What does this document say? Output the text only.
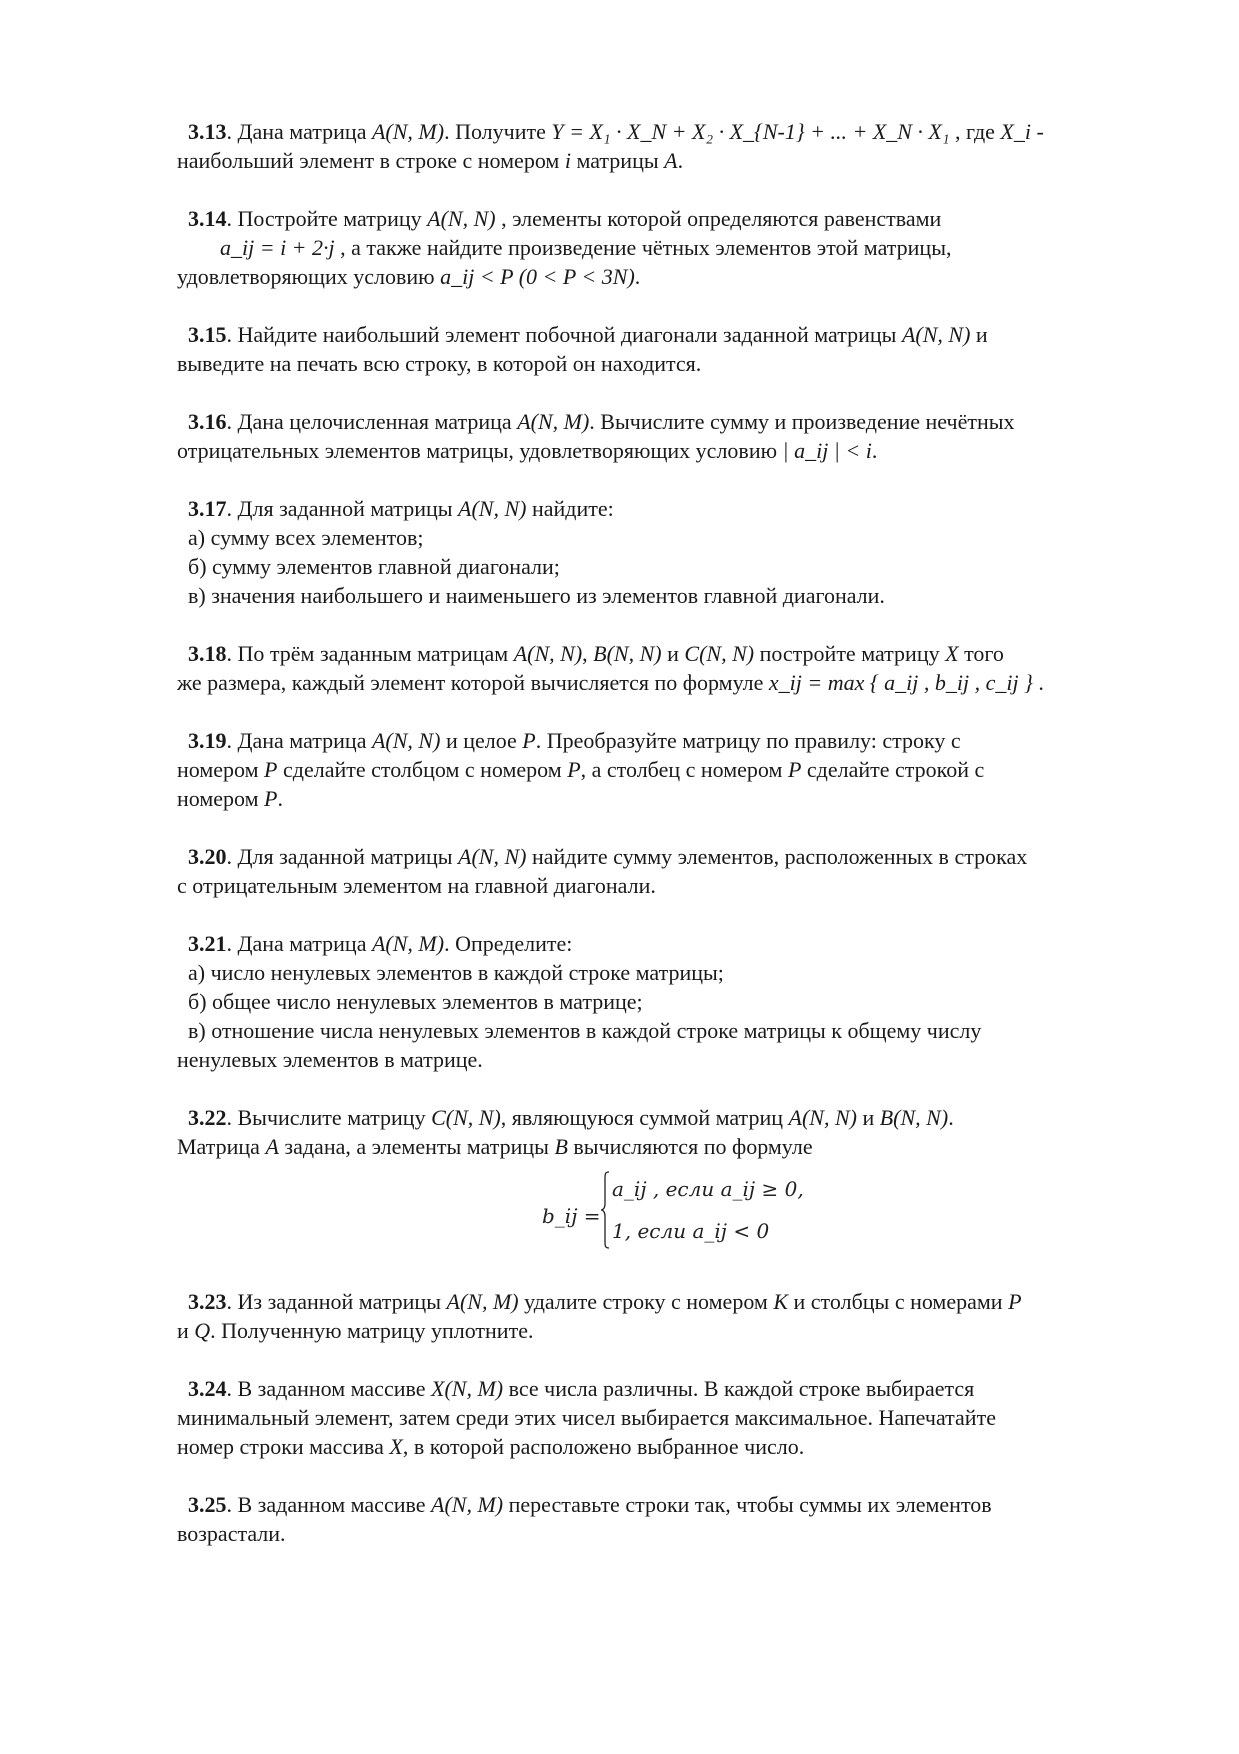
3.13. Дана матрица A(N, M). Получите Y = X₁ · X_N + X₂ · X_{N-1} + ... + X_N · X₁ , где X_i -

наибольший элемент в строке с номером i матрицы A.

3.14. Постройте матрицу A(N, N) , элементы которой определяются равенствами

a_ij = i + 2·j , а также найдите произведение чётных элементов этой матрицы,

удовлетворяющих условию a_ij < P (0 < P < 3N).

3.15. Найдите наибольший элемент побочной диагонали заданной матрицы A(N, N) и

выведите на печать всю строку, в которой он находится.

3.16. Дана целочисленная матрица A(N, M). Вычислите сумму и произведение нечётных

отрицательных элементов матрицы, удовлетворяющих условию | a_ij | < i.

3.17. Для заданной матрицы A(N, N) найдите:

а) сумму всех элементов;

б) сумму элементов главной диагонали;

в) значения наибольшего и наименьшего из элементов главной диагонали.

3.18. По трём заданным матрицам A(N, N), B(N, N) и C(N, N) постройте матрицу X того

же размера, каждый элемент которой вычисляется по формуле x_ij = max { a_ij , b_ij , c_ij } .

3.19. Дана матрица A(N, N) и целое P. Преобразуйте матрицу по правилу: строку с

номером P сделайте столбцом с номером P, а столбец с номером P сделайте строкой с

номером P.

3.20. Для заданной матрицы A(N, N) найдите сумму элементов, расположенных в строках

с отрицательным элементом на главной диагонали.

3.21. Дана матрица A(N, M). Определите:

а) число ненулевых элементов в каждой строке матрицы;

б) общее число ненулевых элементов в матрице;

в) отношение числа ненулевых элементов в каждой строке матрицы к общему числу

ненулевых элементов в матрице.

3.22. Вычислите матрицу C(N, N), являющуюся суммой матриц A(N, N) и B(N, N).

Матрица A задана, а элементы матрицы B вычисляются по формуле

b_ij =
a_ij , если a_ij ≥ 0,
1, если a_ij < 0

3.23. Из заданной матрицы A(N, M) удалите строку с номером K и столбцы с номерами P

и Q. Полученную матрицу уплотните.

3.24. В заданном массиве X(N, M) все числа различны. В каждой строке выбирается

минимальный элемент, затем среди этих чисел выбирается максимальное. Напечатайте

номер строки массива X, в которой расположено выбранное число.

3.25. В заданном массиве A(N, M) переставьте строки так, чтобы суммы их элементов

возрастали.
